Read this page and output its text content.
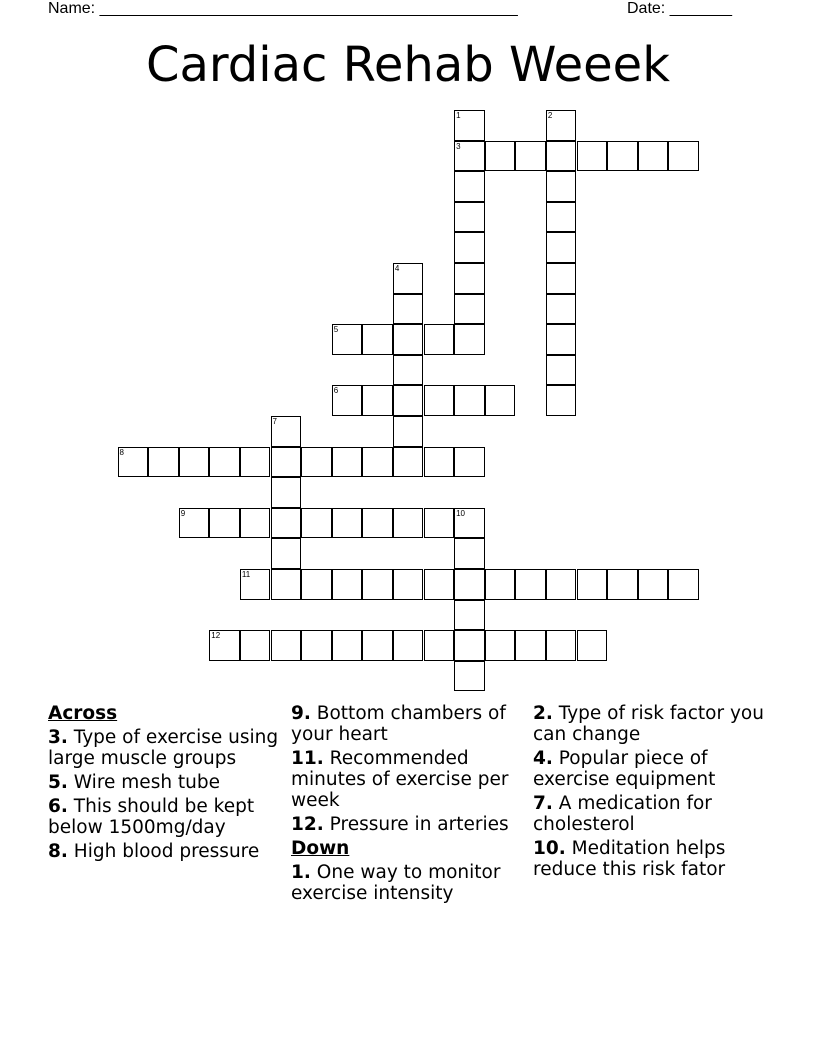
Name: _______________________________________________	Date: _______
Cardiac Rehab Weeek
1
3
2
4
5
6
7
8
9	10
11
12
Across
3. Type of exercise using large muscle groups
5. Wire mesh tube
6. This should be kept below 1500mg/day
8. High blood pressure
9. Bottom chambers of your heart
11. Recommended minutes of exercise per week
12. Pressure in arteries
Down
1. One way to monitor exercise intensity
2. Type of risk factor you can change
4. Popular piece of exercise equipment
7. A medication for cholesterol
10. Meditation helps reduce this risk fator
